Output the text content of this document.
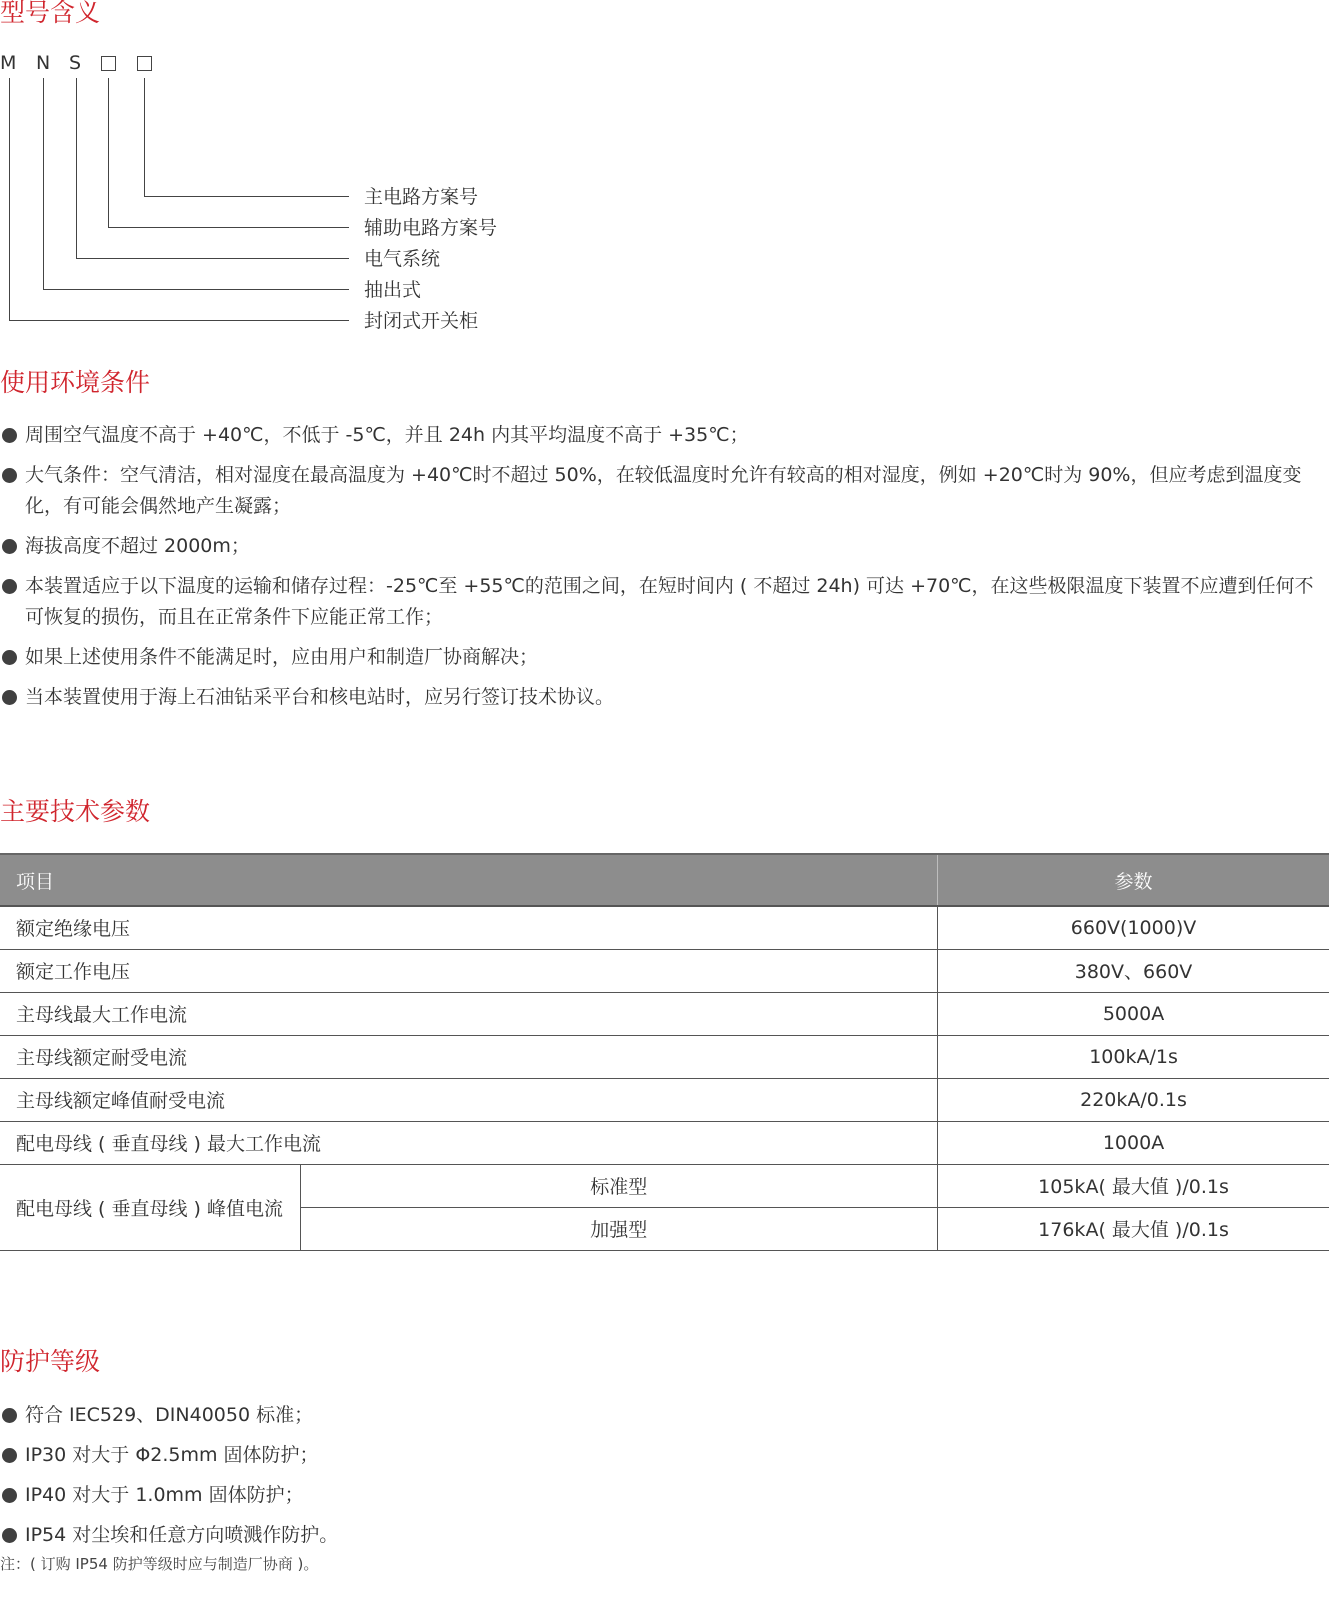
型号含义
M N S
主电路方案号
辅助电路方案号
电气系统
抽出式
封闭式开关柜
使用环境条件
周围空气温度不高于 +40℃，不低于 -5℃，并且 24h 内其平均温度不高于 +35℃；
大气条件：空气清洁，相对湿度在最高温度为 +40℃时不超过 50%，在较低温度时允许有较高的相对湿度，例如 +20℃时为 90%，但应考虑到温度变化，有可能会偶然地产生凝露；
海拔高度不超过 2000m；
本装置适应于以下温度的运输和储存过程：-25℃至 +55℃的范围之间，在短时间内 ( 不超过 24h) 可达 +70℃，在这些极限温度下装置不应遭到任何不可恢复的损伤，而且在正常条件下应能正常工作；
如果上述使用条件不能满足时，应由用户和制造厂协商解决；
当本装置使用于海上石油钻采平台和核电站时，应另行签订技术协议。
主要技术参数
项目		参数
额定绝缘电压		660V(1000)V
额定工作电压		380V、660V
主母线最大工作电流		5000A
主母线额定耐受电流		100kA/1s
主母线额定峰值耐受电流		220kA/0.1s
配电母线 ( 垂直母线 ) 最大工作电流		1000A
配电母线 ( 垂直母线 ) 峰值电流	标准型	105kA( 最大值 )/0.1s
	加强型	176kA( 最大值 )/0.1s
防护等级
符合 IEC529、DIN40050 标准；
IP30 对大于 Φ2.5mm 固体防护；
IP40 对大于 1.0mm 固体防护；
IP54 对尘埃和任意方向喷溅作防护。
注：( 订购 IP54 防护等级时应与制造厂协商 )。
